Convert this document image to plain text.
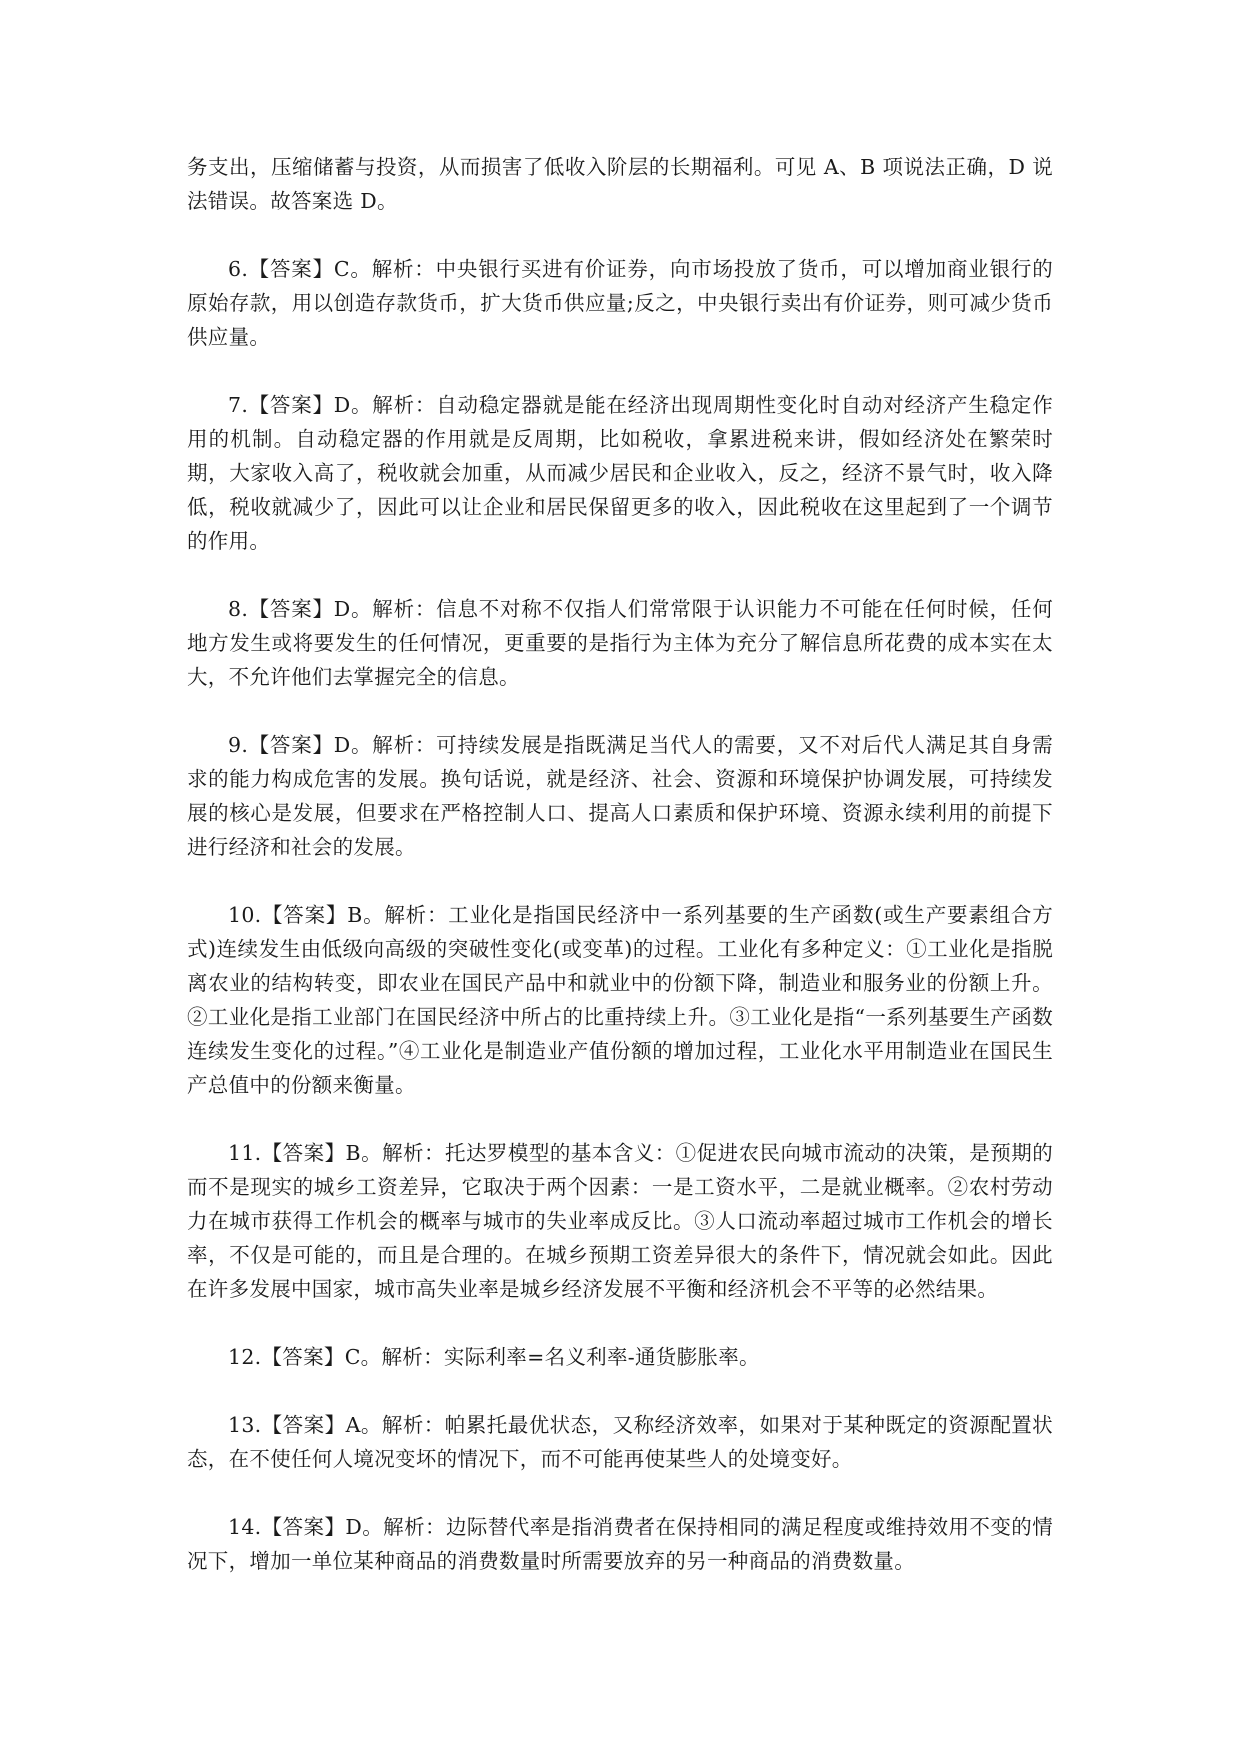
务支出，压缩储蓄与投资，从而损害了低收入阶层的长期福利。可见 A、B 项说法正确，D 说法错误。故答案选 D。

6.【答案】C。解析：中央银行买进有价证券，向市场投放了货币，可以增加商业银行的原始存款，用以创造存款货币，扩大货币供应量;反之，中央银行卖出有价证券，则可减少货币供应量。

7.【答案】D。解析：自动稳定器就是能在经济出现周期性变化时自动对经济产生稳定作用的机制。自动稳定器的作用就是反周期，比如税收，拿累进税来讲，假如经济处在繁荣时期，大家收入高了，税收就会加重，从而减少居民和企业收入，反之，经济不景气时，收入降低，税收就减少了，因此可以让企业和居民保留更多的收入，因此税收在这里起到了一个调节的作用。

8.【答案】D。解析：信息不对称不仅指人们常常限于认识能力不可能在任何时候，任何地方发生或将要发生的任何情况，更重要的是指行为主体为充分了解信息所花费的成本实在太大，不允许他们去掌握完全的信息。

9.【答案】D。解析：可持续发展是指既满足当代人的需要，又不对后代人满足其自身需求的能力构成危害的发展。换句话说，就是经济、社会、资源和环境保护协调发展，可持续发展的核心是发展，但要求在严格控制人口、提高人口素质和保护环境、资源永续利用的前提下进行经济和社会的发展。

10.【答案】B。解析：工业化是指国民经济中一系列基要的生产函数(或生产要素组合方式)连续发生由低级向高级的突破性变化(或变革)的过程。工业化有多种定义：①工业化是指脱离农业的结构转变，即农业在国民产品中和就业中的份额下降，制造业和服务业的份额上升。②工业化是指工业部门在国民经济中所占的比重持续上升。③工业化是指“一系列基要生产函数连续发生变化的过程。”④工业化是制造业产值份额的增加过程，工业化水平用制造业在国民生产总值中的份额来衡量。

11.【答案】B。解析：托达罗模型的基本含义：①促进农民向城市流动的决策，是预期的而不是现实的城乡工资差异，它取决于两个因素：一是工资水平，二是就业概率。②农村劳动力在城市获得工作机会的概率与城市的失业率成反比。③人口流动率超过城市工作机会的增长率，不仅是可能的，而且是合理的。在城乡预期工资差异很大的条件下，情况就会如此。因此在许多发展中国家，城市高失业率是城乡经济发展不平衡和经济机会不平等的必然结果。

12.【答案】C。解析：实际利率=名义利率-通货膨胀率。

13.【答案】A。解析：帕累托最优状态，又称经济效率，如果对于某种既定的资源配置状态，在不使任何人境况变坏的情况下，而不可能再使某些人的处境变好。

14.【答案】D。解析：边际替代率是指消费者在保持相同的满足程度或维持效用不变的情况下，增加一单位某种商品的消费数量时所需要放弃的另一种商品的消费数量。
